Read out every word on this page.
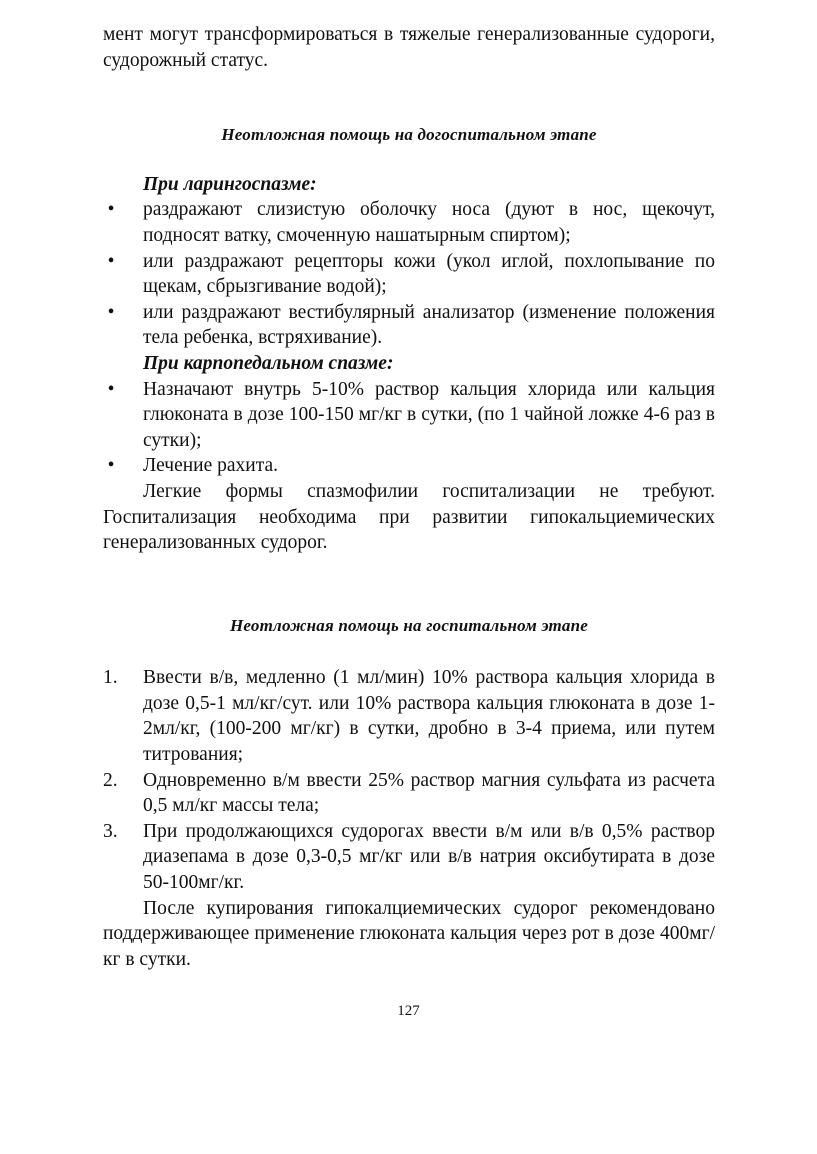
мент могут трансформироваться в тяжелые генерализованные судороги, судорожный статус.

Неотложная помощь на догоспитальном этапе

При ларингоспазме:

• раздражают слизистую оболочку носа (дуют в нос, щекочут, подносят ватку, смоченную нашатырным спиртом);
• или раздражают рецепторы кожи (укол иглой, похлопывание по щекам, сбрызгивание водой);
• или раздражают вестибулярный анализатор (изменение положения тела ребенка, встряхивание).

При карпопедальном спазме:

• Назначают внутрь 5-10% раствор кальция хлорида или кальция глюконата в дозе 100-150 мг/кг в сутки, (по 1 чайной ложке 4-6 раз в сутки);
• Лечение рахита.

Легкие формы спазмофилии госпитализации не требуют. Госпитализация необходима при развитии гипокальциемических генерализованных судорог.

Неотложная помощь на госпитальном этапе

1. Ввести в/в, медленно (1 мл/мин) 10% раствора кальция хлорида в дозе 0,5-1 мл/кг/сут. или 10% раствора кальция глюконата в дозе 1-2мл/кг, (100-200 мг/кг) в сутки, дробно в 3-4 приема, или путем титрования;
2. Одновременно в/м ввести 25% раствор магния сульфата из расчета 0,5 мл/кг массы тела;
3. При продолжающихся судорогах ввести в/м или в/в 0,5% раствор диазепама в дозе 0,3-0,5 мг/кг или в/в натрия оксибутирата в дозе 50-100мг/кг.

После купирования гипокалциемических судорог рекомендовано поддерживающее применение глюконата кальция через рот в дозе 400мг/кг в сутки.

127
